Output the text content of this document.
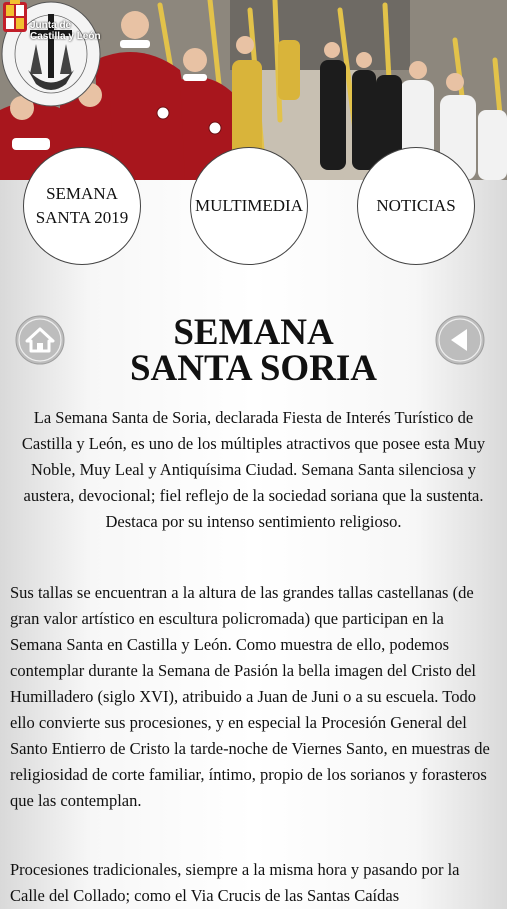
Junta de
Castilla y León
SEMANA
SANTA 2019
MULTIMEDIA	NOTICIAS
SEMANA
SANTA SORIA

La Semana Santa de Soria, declarada Fiesta de Interés Turístico de Castilla y León, es uno de los múltiples atractivos que posee esta Muy Noble, Muy Leal y Antiquísima Ciudad. Semana Santa silenciosa y austera, devocional; fiel reflejo de la sociedad soriana que la sustenta. Destaca por su intenso sentimiento religioso.

Sus tallas se encuentran a la altura de las grandes tallas castellanas (de gran valor artístico en escultura policromada) que participan en la Semana Santa en Castilla y León. Como muestra de ello, podemos contemplar durante la Semana de Pasión la bella imagen del Cristo del Humilladero (siglo XVI), atribuido a Juan de Juni o a su escuela. Todo ello convierte sus procesiones, y en especial la Procesión General del Santo Entierro de Cristo la tarde-noche de Viernes Santo, en muestras de religiosidad de corte familiar, íntimo, propio de los sorianos y forasteros que las contemplan.

Procesiones tradicionales, siempre a la misma hora y pasando por la Calle del Collado; como el Via Crucis de las Santas Caídas
